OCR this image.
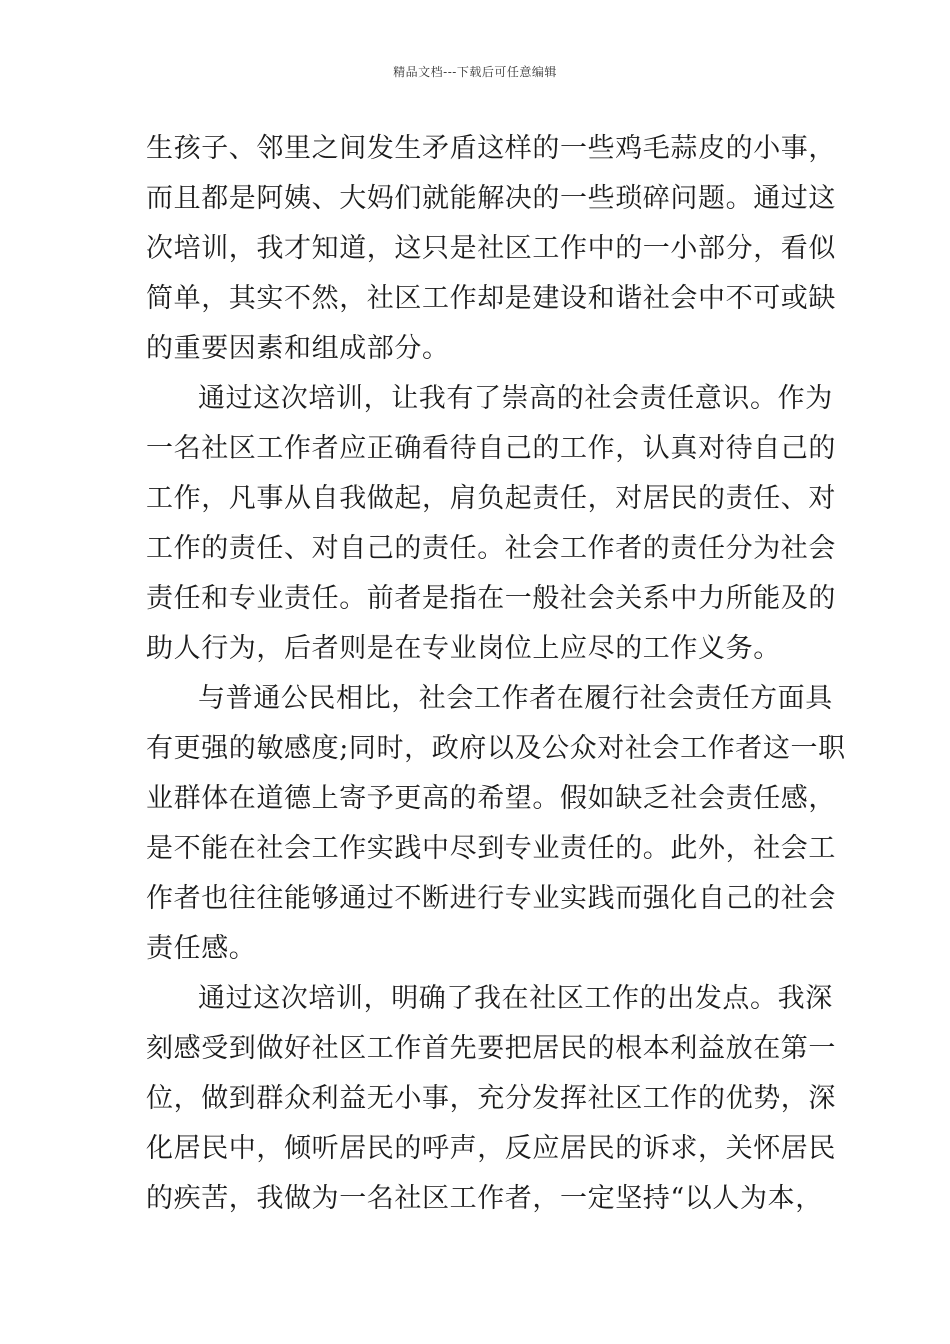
精品文档---下载后可任意编辑
生孩子、邻里之间发生矛盾这样的一些鸡毛蒜皮的小事，
而且都是阿姨、大妈们就能解决的一些琐碎问题。通过这
次培训，我才知道，这只是社区工作中的一小部分，看似
简单，其实不然，社区工作却是建设和谐社会中不可或缺
的重要因素和组成部分。
通过这次培训，让我有了崇高的社会责任意识。作为
一名社区工作者应正确看待自己的工作，认真对待自己的
工作，凡事从自我做起，肩负起责任，对居民的责任、对
工作的责任、对自己的责任。社会工作者的责任分为社会
责任和专业责任。前者是指在一般社会关系中力所能及的
助人行为，后者则是在专业岗位上应尽的工作义务。
与普通公民相比，社会工作者在履行社会责任方面具
有更强的敏感度;同时，政府以及公众对社会工作者这一职
业群体在道德上寄予更高的希望。假如缺乏社会责任感，
是不能在社会工作实践中尽到专业责任的。此外，社会工
作者也往往能够通过不断进行专业实践而强化自己的社会
责任感。
通过这次培训，明确了我在社区工作的出发点。我深
刻感受到做好社区工作首先要把居民的根本利益放在第一
位，做到群众利益无小事，充分发挥社区工作的优势，深
化居民中，倾听居民的呼声，反应居民的诉求，关怀居民
的疾苦，我做为一名社区工作者，一定坚持“以人为本，
